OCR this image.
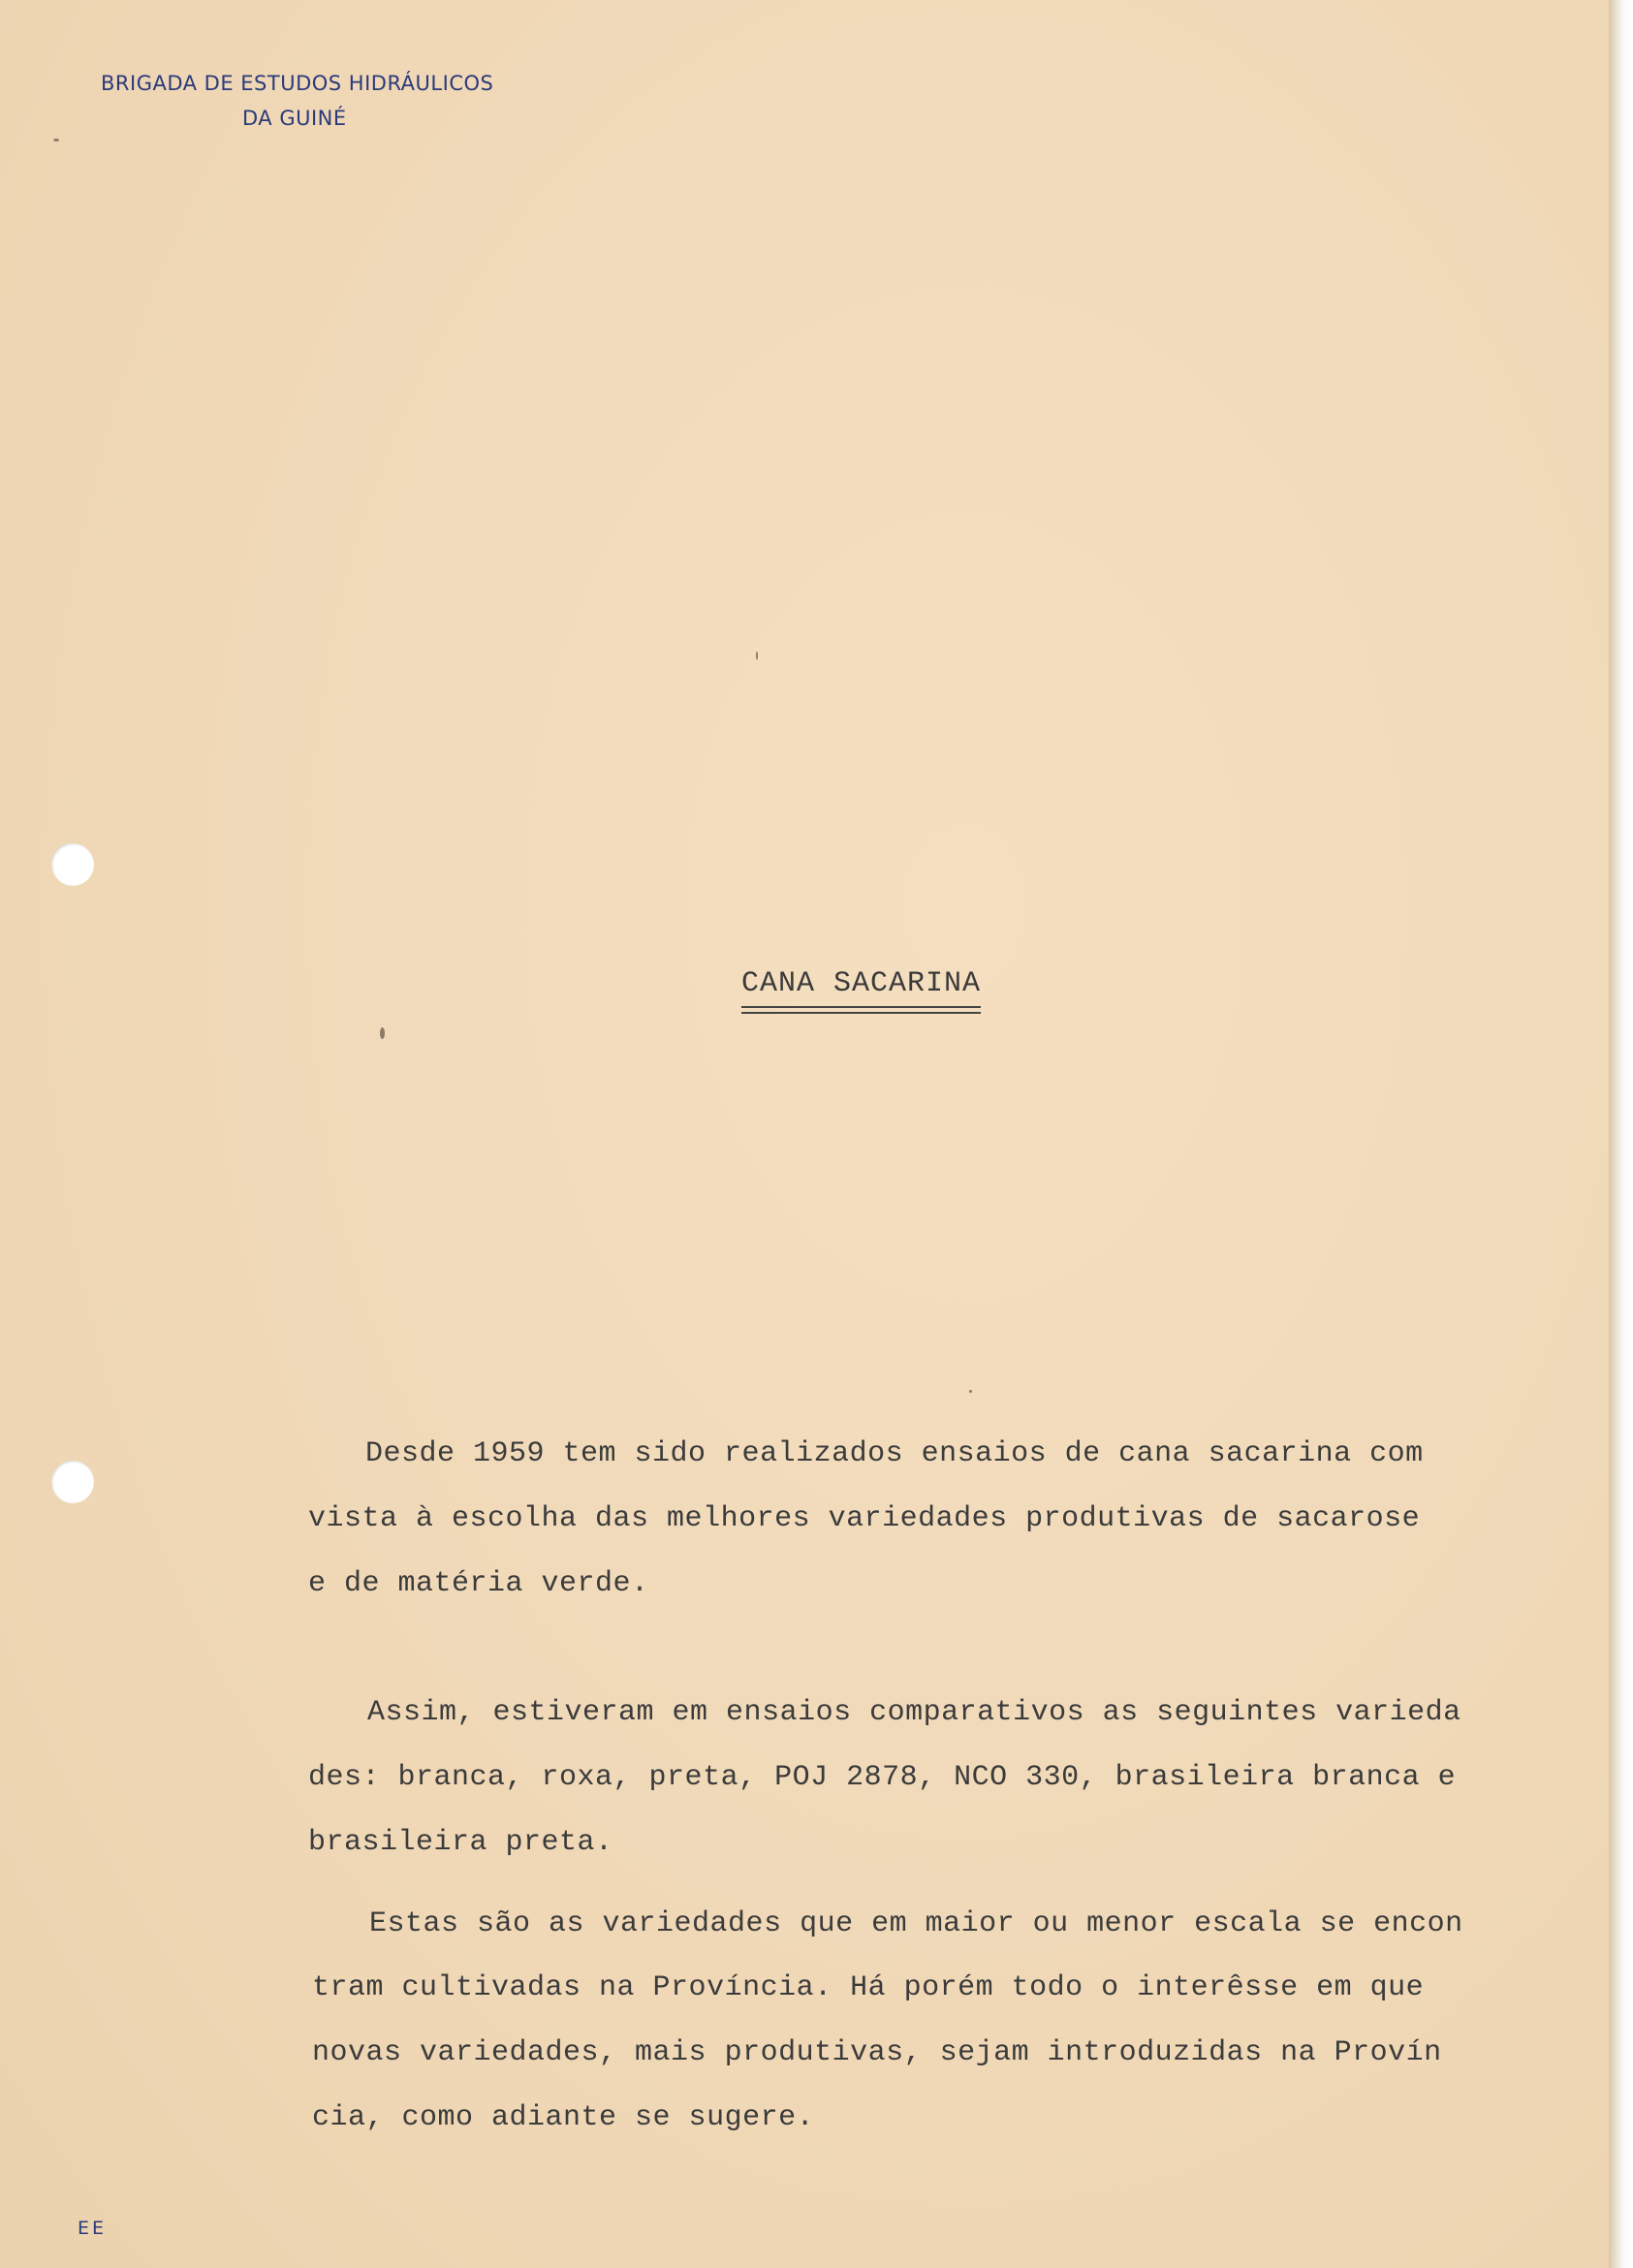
BRIGADA DE ESTUDOS HIDRÁULICOS
DA GUINÉ
CANA SACARINA
Desde 1959 tem sido realizados ensaios de cana sacarina com
vista à escolha das melhores variedades produtivas de sacarose
e de matéria verde.
Assim, estiveram em ensaios comparativos as seguintes varieda
des: branca, roxa, preta, POJ 2878, NCO 330, brasileira branca e
brasileira preta.
Estas são as variedades que em maior ou menor escala se encon
tram cultivadas na Província. Há porém todo o interêsse em que
novas variedades, mais produtivas, sejam introduzidas na Provín
cia, como adiante se sugere.
EE
